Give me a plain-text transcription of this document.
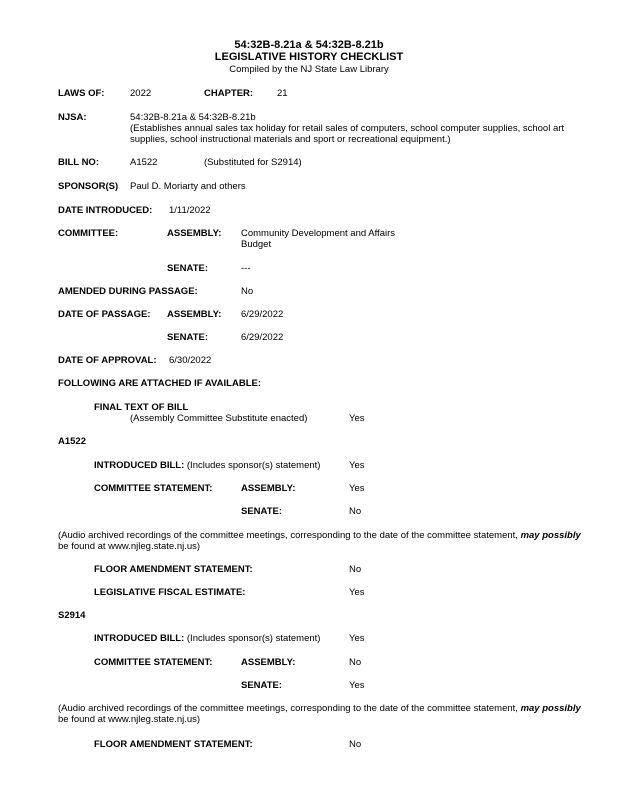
54:32B-8.21a & 54:32B-8.21b
LEGISLATIVE HISTORY CHECKLIST
Compiled by the NJ State Law Library
LAWS OF:	2022	CHAPTER:	21
NJSA:	54:32B-8.21a & 54:32B-8.21b
(Establishes annual sales tax holiday for retail sales of computers, school computer supplies, school art
supplies, school instructional materials and sport or recreational equipment.)
BILL NO:	A1522	(Substituted for S2914)
SPONSOR(S) Paul D. Moriarty and others
DATE INTRODUCED: 1/11/2022
COMMITTEE:	ASSEMBLY: Community Development and Affairs
Budget
SENATE:	---
AMENDED DURING PASSAGE:	No
DATE OF PASSAGE: ASSEMBLY: 6/29/2022
SENATE:	6/29/2022
DATE OF APPROVAL: 6/30/2022
FOLLOWING ARE ATTACHED IF AVAILABLE:
FINAL TEXT OF BILL
(Assembly Committee Substitute enacted)	Yes
A1522
INTRODUCED BILL: (Includes sponsor(s) statement)	Yes
COMMITTEE STATEMENT:	ASSEMBLY:	Yes
SENATE:	No
(Audio archived recordings of the committee meetings, corresponding to the date of the committee statement, may possibly
be found at www.njleg.state.nj.us)
FLOOR AMENDMENT STATEMENT:	No
LEGISLATIVE FISCAL ESTIMATE:	Yes
S2914
INTRODUCED BILL: (Includes sponsor(s) statement)	Yes
COMMITTEE STATEMENT:	ASSEMBLY:	No
SENATE:	Yes
(Audio archived recordings of the committee meetings, corresponding to the date of the committee statement, may possibly
be found at www.njleg.state.nj.us)
FLOOR AMENDMENT STATEMENT:	No
